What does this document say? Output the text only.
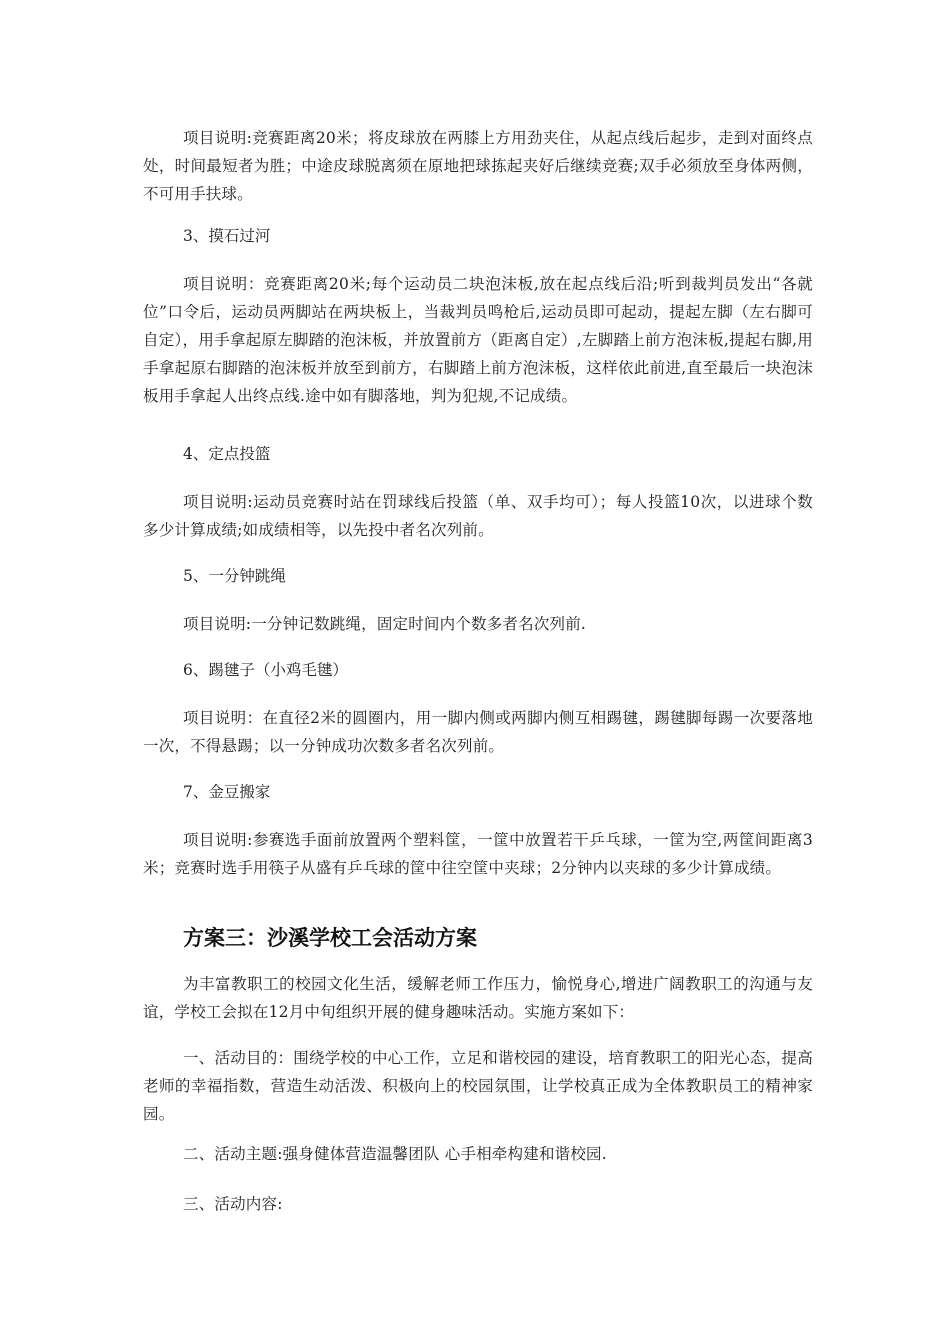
项目说明:竞赛距离20米；将皮球放在两膝上方用劲夹住，从起点线后起步，走到对面终点处，时间最短者为胜；中途皮球脱离须在原地把球拣起夹好后继续竞赛;双手必须放至身体两侧，不可用手扶球。

3、摸石过河

项目说明：竞赛距离20米;每个运动员二块泡沫板,放在起点线后沿;听到裁判员发出“各就位”口令后，运动员两脚站在两块板上，当裁判员鸣枪后,运动员即可起动，提起左脚（左右脚可自定），用手拿起原左脚踏的泡沫板，并放置前方（距离自定）,左脚踏上前方泡沫板,提起右脚,用手拿起原右脚踏的泡沫板并放至到前方，右脚踏上前方泡沫板，这样依此前进,直至最后一块泡沫板用手拿起人出终点线.途中如有脚落地，判为犯规,不记成绩。

4、定点投篮

项目说明:运动员竞赛时站在罚球线后投篮（单、双手均可）；每人投篮10次，以进球个数多少计算成绩;如成绩相等，以先投中者名次列前。

5、一分钟跳绳

项目说明:一分钟记数跳绳，固定时间内个数多者名次列前.

6、踢毽子（小鸡毛毽）

项目说明：在直径2米的圆圈内，用一脚内侧或两脚内侧互相踢毽，踢毽脚每踢一次要落地一次，不得悬踢；以一分钟成功次数多者名次列前。

7、金豆搬家

项目说明:参赛选手面前放置两个塑料筐，一筐中放置若干乒乓球，一筐为空,两筐间距离3米；竞赛时选手用筷子从盛有乒乓球的筐中往空筐中夹球；2分钟内以夹球的多少计算成绩。

方案三：沙溪学校工会活动方案

为丰富教职工的校园文化生活，缓解老师工作压力，愉悦身心,增进广阔教职工的沟通与友谊，学校工会拟在12月中旬组织开展的健身趣味活动。实施方案如下：

一、活动目的：围绕学校的中心工作，立足和谐校园的建设，培育教职工的阳光心态，提高老师的幸福指数，营造生动活泼、积极向上的校园氛围，让学校真正成为全体教职员工的精神家园。

二、活动主题:强身健体营造温馨团队 心手相牵构建和谐校园.

三、活动内容:
